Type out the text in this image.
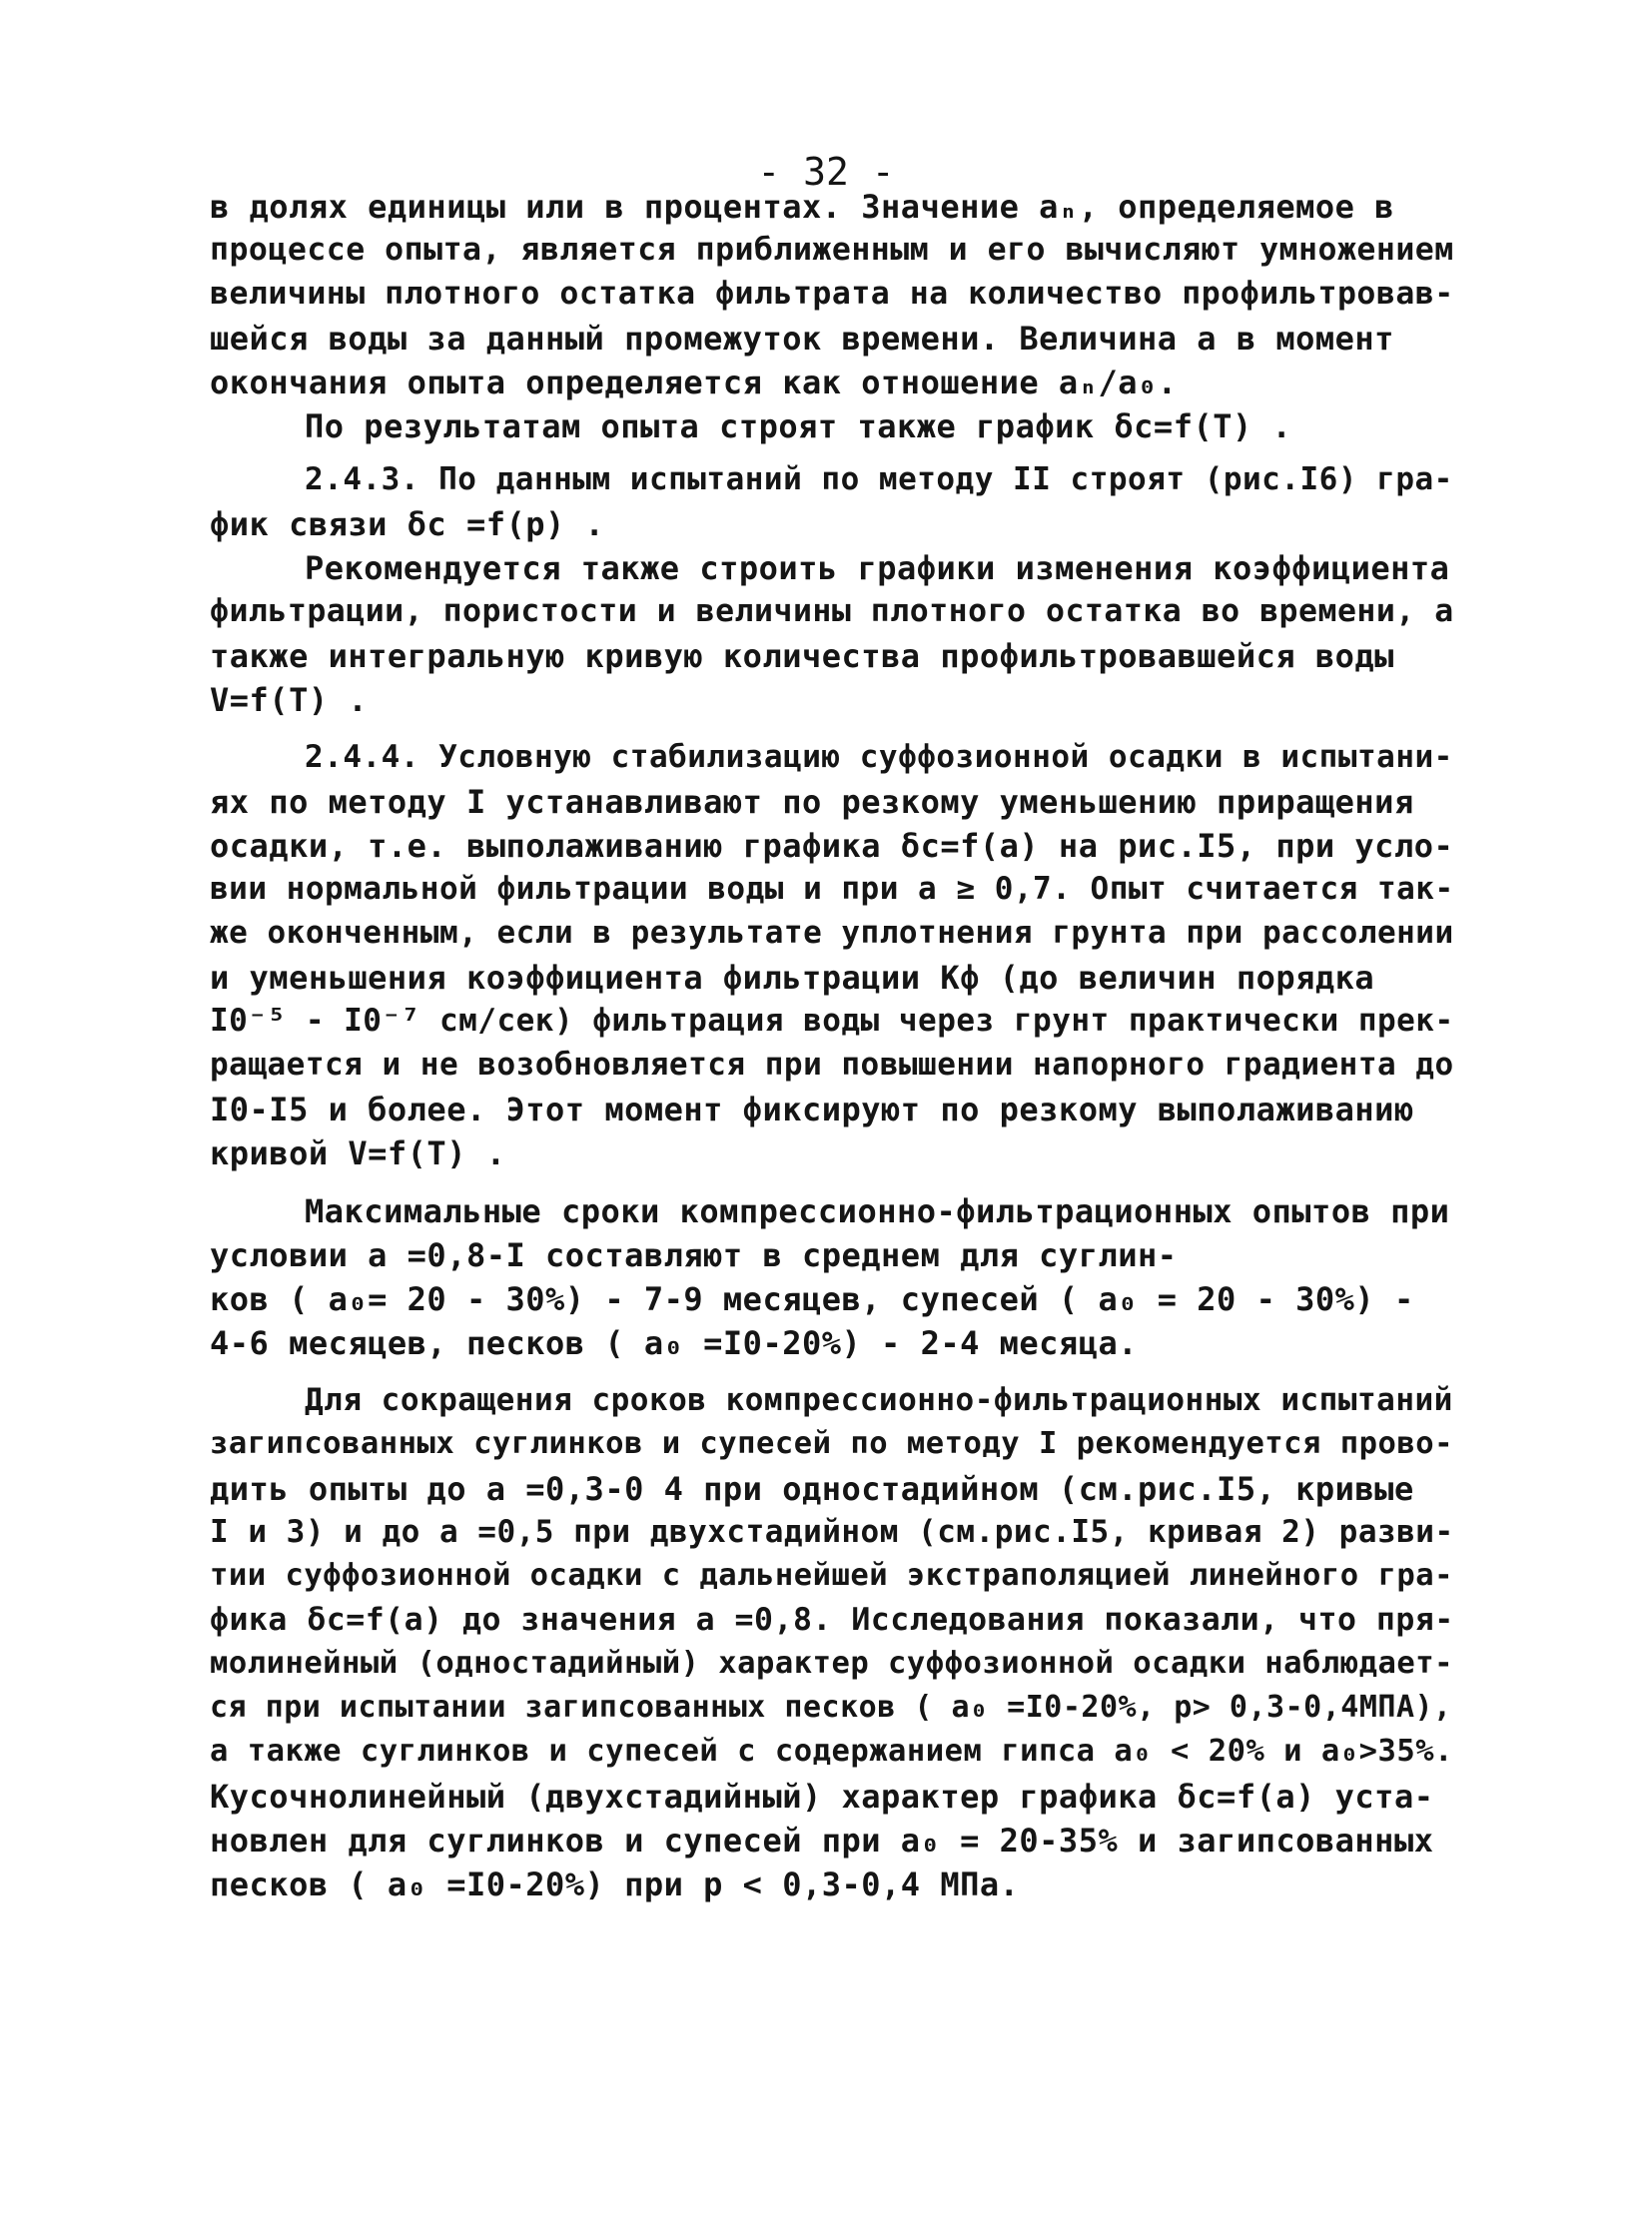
- 32 -
в долях единицы или в процентах. Значение aₙ, определяемое в
процессе опыта, является приближенным и его вычисляют умножением
величины плотного остатка фильтрата на количество профильтровав-
шейся воды за данный промежуток времени. Величина a в момент
окончания опыта определяется как отношение aₙ/a₀.
По результатам опыта строят также график δc=f(T) .
2.4.3. По данным испытаний по методу II строят (рис.I6) гра-
фик связи δc =f(p) .
Рекомендуется также строить графики изменения коэффициента
фильтрации, пористости и величины плотного остатка во времени, а
также интегральную кривую количества профильтровавшейся воды
V=f(T) .
2.4.4. Условную стабилизацию суффозионной осадки в испытани-
ях по методу I устанавливают по резкому уменьшению приращения
осадки, т.е. выполаживанию графика δc=f(a) на рис.I5, при усло-
вии нормальной фильтрации воды и при a ≥ 0,7. Опыт считается так-
же оконченным, если в результате уплотнения грунта при рассолении
и уменьшения коэффициента фильтрации Kф (до величин порядка
I0⁻⁵ - I0⁻⁷ см/сек) фильтрация воды через грунт практически прек-
ращается и не возобновляется при повышении напорного градиента до
I0-I5 и более. Этот момент фиксируют по резкому выполаживанию
кривой V=f(T) .
Максимальные сроки компрессионно-фильтрационных опытов при
условии a =0,8-I составляют в среднем для суглин-
ков ( a₀= 20 - 30%) - 7-9 месяцев, супесей ( a₀ = 20 - 30%) -
4-6 месяцев, песков ( a₀ =I0-20%) - 2-4 месяца.
Для сокращения сроков компрессионно-фильтрационных испытаний
загипсованных суглинков и супесей по методу I рекомендуется прово-
дить опыты до a =0,3-0 4 при одностадийном (см.рис.I5, кривые
I и 3) и до a =0,5 при двухстадийном (см.рис.I5, кривая 2) разви-
тии суффозионной осадки с дальнейшей экстраполяцией линейного гра-
фика δc=f(a) до значения a =0,8. Исследования показали, что пря-
молинейный (одностадийный) характер суффозионной осадки наблюдает-
ся при испытании загипсованных песков ( a₀ =I0-20%, p> 0,3-0,4МПА),
а также суглинков и супесей с содержанием гипса a₀ < 20% и a₀>35%.
Кусочнолинейный (двухстадийный) характер графика δc=f(a) уста-
новлен для суглинков и супесей при a₀ = 20-35% и загипсованных
песков ( a₀ =I0-20%) при p < 0,3-0,4 МПа.
